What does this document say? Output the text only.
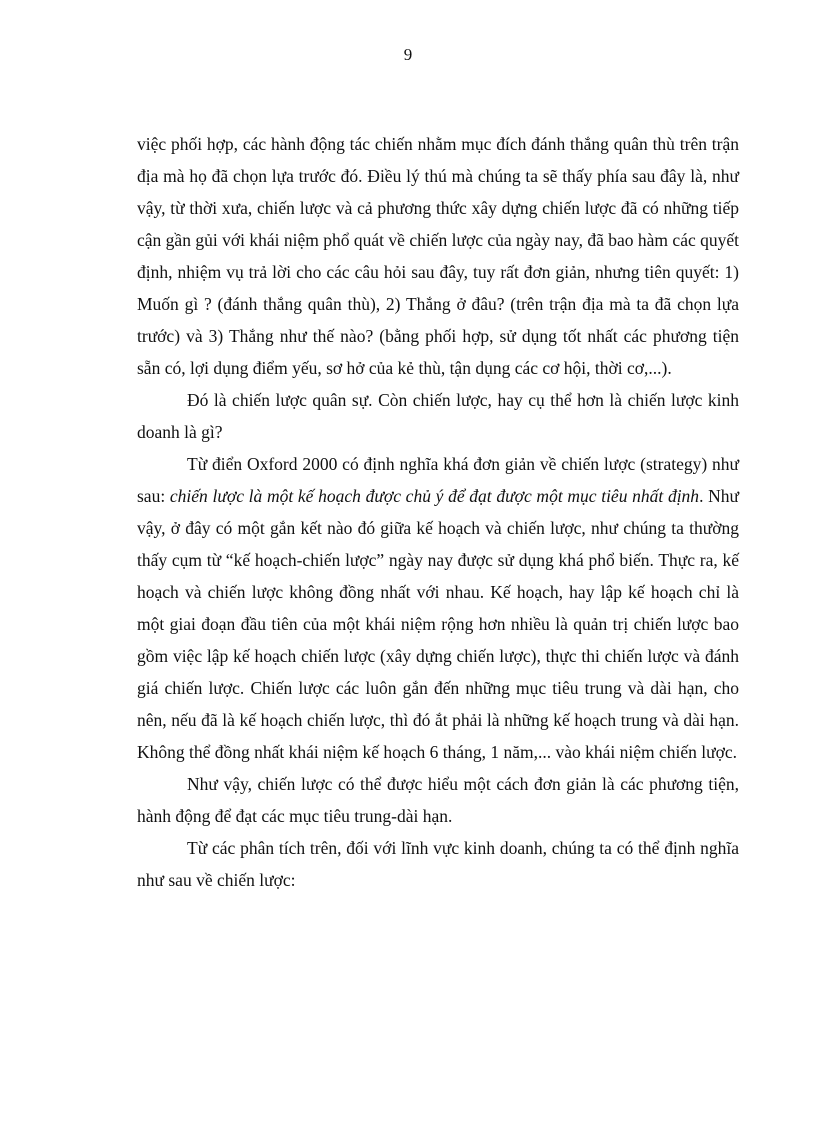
9

việc phối hợp, các hành động tác chiến nhằm mục đích đánh thắng quân thù trên trận địa mà họ đã chọn lựa trước đó. Điều lý thú mà chúng ta sẽ thấy phía sau đây là, như vậy, từ thời xưa, chiến lược và cả phương thức xây dựng chiến lược đã có những tiếp cận gần gủi với khái niệm phổ quát về chiến lược của ngày nay, đã bao hàm các quyết định, nhiệm vụ trả lời cho các câu hỏi sau đây, tuy rất đơn giản, nhưng tiên quyết: 1) Muốn gì ? (đánh thắng quân thù), 2) Thắng ở đâu? (trên trận địa mà ta đã chọn lựa trước) và 3) Thắng như thế nào? (bằng phối hợp, sử dụng tốt nhất các phương tiện sẵn có, lợi dụng điểm yếu, sơ hở của kẻ thù, tận dụng các cơ hội, thời cơ,...).

Đó là chiến lược quân sự. Còn chiến lược, hay cụ thể hơn là chiến lược kinh doanh là gì?

Từ điển Oxford 2000 có định nghĩa khá đơn giản về chiến lược (strategy) như sau: chiến lược là một kế hoạch được chủ ý để đạt được một mục tiêu nhất định. Như vậy, ở đây có một gắn kết nào đó giữa kế hoạch và chiến lược, như chúng ta thường thấy cụm từ “kế hoạch-chiến lược” ngày nay được sử dụng khá phổ biến. Thực ra, kế hoạch và chiến lược không đồng nhất với nhau. Kế hoạch, hay lập kế hoạch chỉ là một giai đoạn đầu tiên của một khái niệm rộng hơn nhiều là quản trị chiến lược bao gồm việc lập kế hoạch chiến lược (xây dựng chiến lược), thực thi chiến lược và đánh giá chiến lược. Chiến lược các luôn gắn đến những mục tiêu trung và dài hạn, cho nên, nếu đã là kế hoạch chiến lược, thì đó ắt phải là những kế hoạch trung và dài hạn. Không thể đồng nhất khái niệm kế hoạch 6 tháng, 1 năm,... vào khái niệm chiến lược.

Như vậy, chiến lược có thể được hiểu một cách đơn giản là các phương tiện, hành động để đạt các mục tiêu trung-dài hạn.

Từ các phân tích trên, đối với lĩnh vực kinh doanh, chúng ta có thể định nghĩa như sau về chiến lược:
